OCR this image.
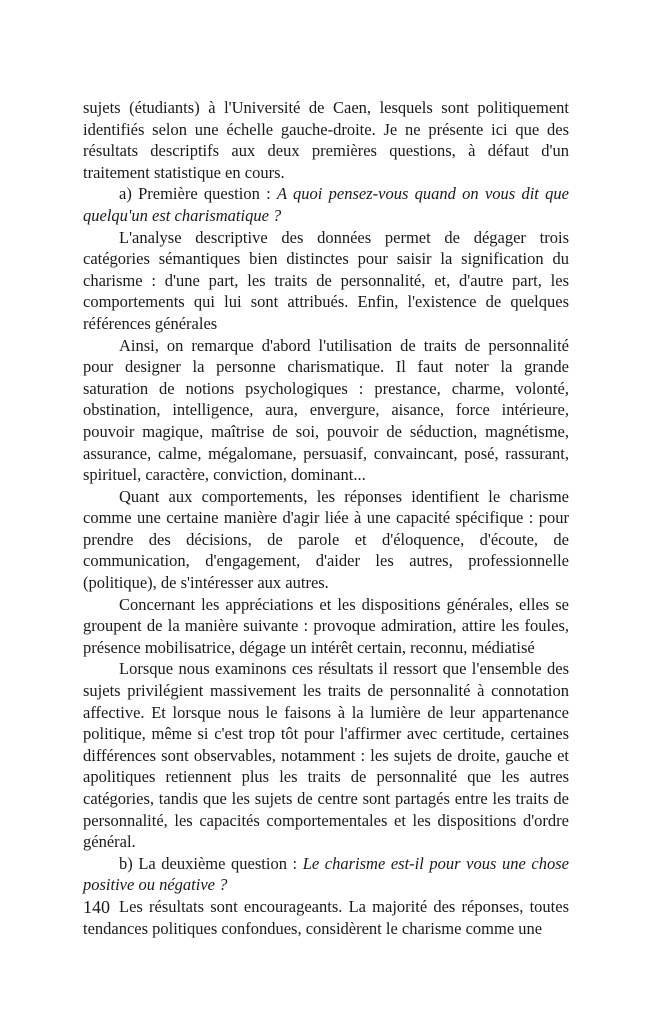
sujets (étudiants) à l'Université de Caen, lesquels sont politiquement identifiés selon une échelle gauche-droite. Je ne présente ici que des résultats descriptifs aux deux premières questions, à défaut d'un traitement statistique en cours.

a) Première question : A quoi pensez-vous quand on vous dit que quelqu'un est charismatique ?

L'analyse descriptive des données permet de dégager trois catégories sémantiques bien distinctes pour saisir la signification du charisme : d'une part, les traits de personnalité, et, d'autre part, les comportements qui lui sont attribués. Enfin, l'existence de quelques références générales

Ainsi, on remarque d'abord l'utilisation de traits de personnalité pour designer la personne charismatique. Il faut noter la grande saturation de notions psychologiques : prestance, charme, volonté, obstination, intelligence, aura, envergure, aisance, force intérieure, pouvoir magique, maîtrise de soi, pouvoir de séduction, magnétisme, assurance, calme, mégalomane, persuasif, convaincant, posé, rassurant, spirituel, caractère, conviction, dominant...

Quant aux comportements, les réponses identifient le charisme comme une certaine manière d'agir liée à une capacité spécifique : pour prendre des décisions, de parole et d'éloquence, d'écoute, de communication, d'engagement, d'aider les autres, professionnelle (politique), de s'intéresser aux autres.

Concernant les appréciations et les dispositions générales, elles se groupent de la manière suivante : provoque admiration, attire les foules, présence mobilisatrice, dégage un intérêt certain, reconnu, médiatisé

Lorsque nous examinons ces résultats il ressort que l'ensemble des sujets privilégient massivement les traits de personnalité à connotation affective. Et lorsque nous le faisons à la lumière de leur appartenance politique, même si c'est trop tôt pour l'affirmer avec certitude, certaines différences sont observables, notamment : les sujets de droite, gauche et apolitiques retiennent plus les traits de personnalité que les autres catégories, tandis que les sujets de centre sont partagés entre les traits de personnalité, les capacités comportementales et les dispositions d'ordre général.

b) La deuxième question : Le charisme est-il pour vous une chose positive ou négative ?

Les résultats sont encourageants. La majorité des réponses, toutes tendances politiques confondues, considèrent le charisme comme une

140
